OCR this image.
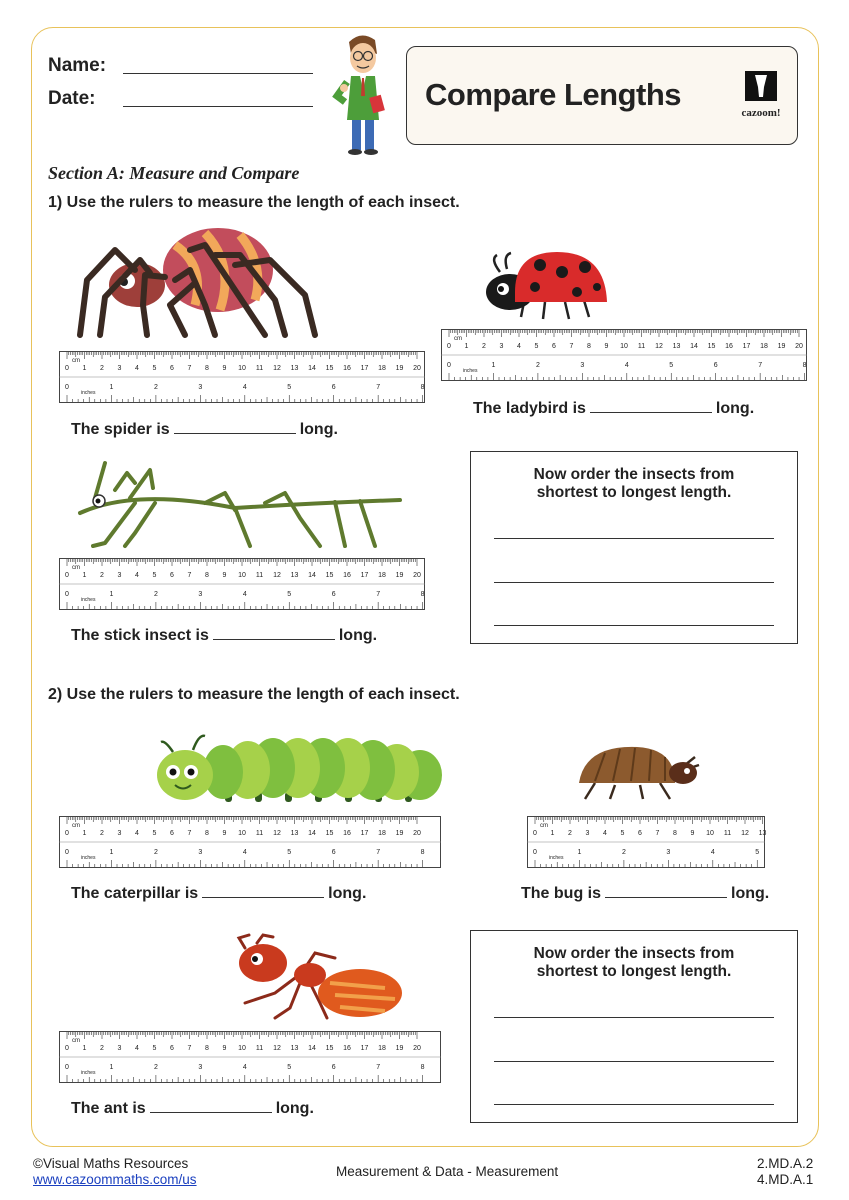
Name:
Date:	Compare Lengths
cazoom!
Section A: Measure and Compare
1) Use the rulers to measure the length of each insect.
cm
0 1 2 3 4 5 6 7 8 9 10 11 12 13 14 15 16 17 18 19 20
0	1	2	3	4	5	6	7	8
inches
cm
0 1 2 3 4 5 6 7 8 9 10 11 12 13 14 15 16 17 18 19 20
0	1	2	3	4	5	6	7	8
inches
cm
0 1 2 3 4 5 6 7 8 9 10 11 12 13 14 15 16 17 18 19 20
0	1	2	3	4	5	6	7	8
inches
cm
0 1 2 3 4 5 6 7 8 9 10 11 12 13 14 15 16 17 18 19 20
0	1	2	3	4	5	6	7	8
inches
cm
0 1 2 3 4 5 6 7 8 9 10 11 12 13
0	1	2	3	4	5
inches
cm
0 1 2 3 4 5 6 7 8 9 10 11 12 13 14 15 16 17 18 19 20
0	1	2	3	4	5	6	7	8
inches
The spider is	long.
The ladybird is	long.
The stick insect is	long.
Now order the insects from
shortest to longest length.
2) Use the rulers to measure the length of each insect.
The caterpillar is	long.	The bug is	long.
The ant is	long.
Now order the insects from
shortest to longest length.
©Visual Maths Resources
www.cazoommaths.com/us
Measurement & Data - Measurement
2.MD.A.2
4.MD.A.1
